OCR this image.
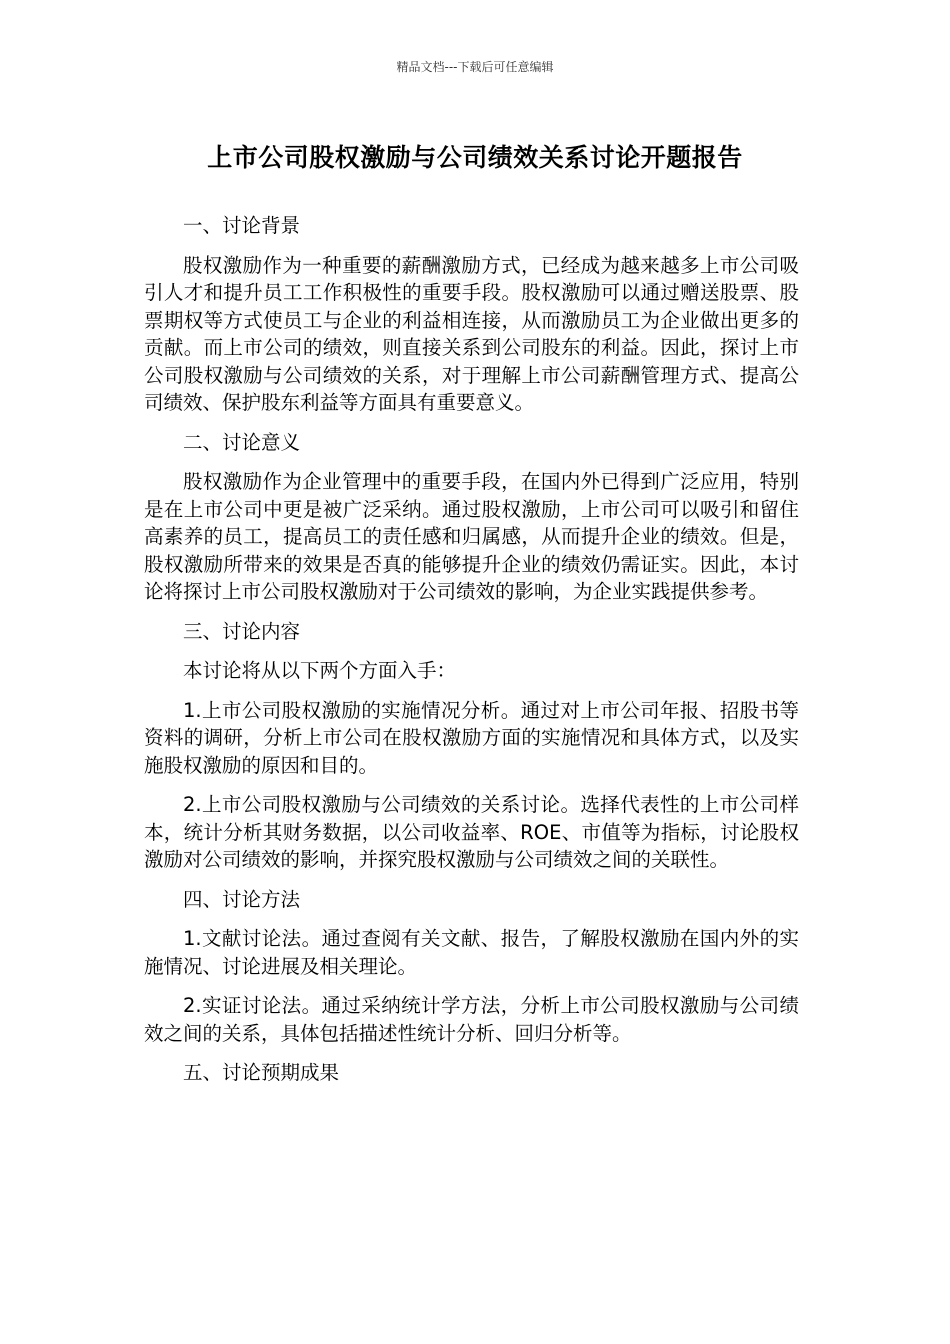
精品文档---下载后可任意编辑
上市公司股权激励与公司绩效关系讨论开题报告

一、讨论背景

股权激励作为一种重要的薪酬激励方式，已经成为越来越多上市公司吸引人才和提升员工工作积极性的重要手段。股权激励可以通过赠送股票、股票期权等方式使员工与企业的利益相连接，从而激励员工为企业做出更多的贡献。而上市公司的绩效，则直接关系到公司股东的利益。因此，探讨上市公司股权激励与公司绩效的关系，对于理解上市公司薪酬管理方式、提高公司绩效、保护股东利益等方面具有重要意义。

二、讨论意义

股权激励作为企业管理中的重要手段，在国内外已得到广泛应用，特别是在上市公司中更是被广泛采纳。通过股权激励，上市公司可以吸引和留住高素养的员工，提高员工的责任感和归属感，从而提升企业的绩效。但是，股权激励所带来的效果是否真的能够提升企业的绩效仍需证实。因此，本讨论将探讨上市公司股权激励对于公司绩效的影响，为企业实践提供参考。

三、讨论内容

本讨论将从以下两个方面入手：

1.上市公司股权激励的实施情况分析。通过对上市公司年报、招股书等资料的调研，分析上市公司在股权激励方面的实施情况和具体方式，以及实施股权激励的原因和目的。

2.上市公司股权激励与公司绩效的关系讨论。选择代表性的上市公司样本，统计分析其财务数据，以公司收益率、ROE、市值等为指标，讨论股权激励对公司绩效的影响，并探究股权激励与公司绩效之间的关联性。

四、讨论方法

1.文献讨论法。通过查阅有关文献、报告，了解股权激励在国内外的实施情况、讨论进展及相关理论。

2.实证讨论法。通过采纳统计学方法，分析上市公司股权激励与公司绩效之间的关系，具体包括描述性统计分析、回归分析等。

五、讨论预期成果
